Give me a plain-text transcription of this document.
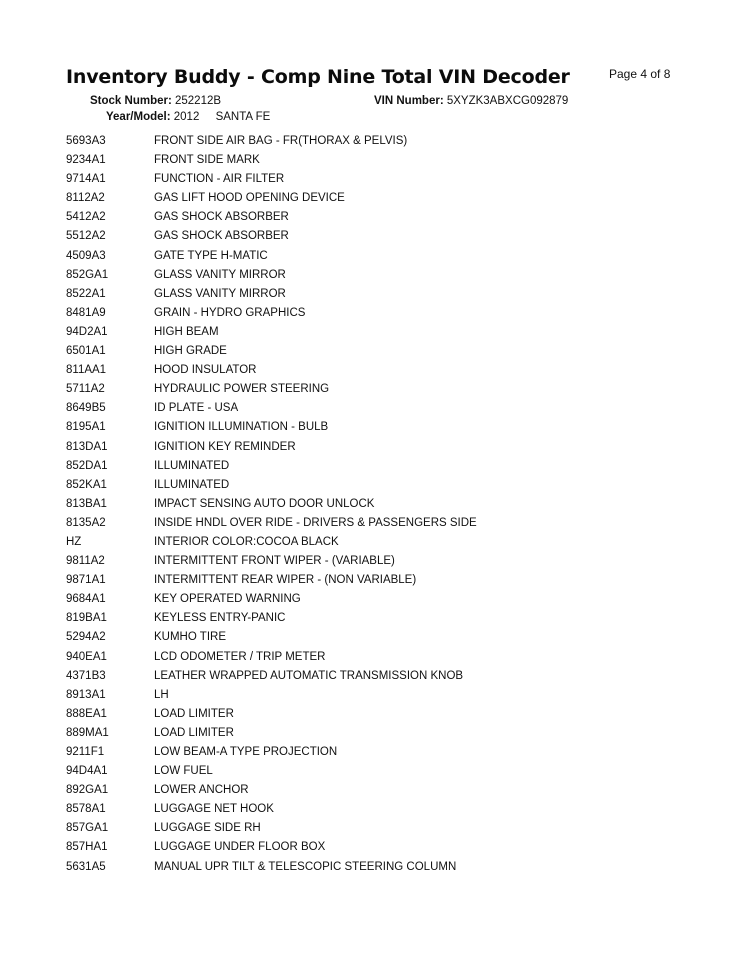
Inventory Buddy - Comp Nine Total VIN Decoder	Page 4 of 8
Stock Number: 252212B	VIN Number: 5XYZK3ABXCG092879
Year/Model: 2012 SANTA FE
5693A3	FRONT SIDE AIR BAG - FR(THORAX & PELVIS)
9234A1	FRONT SIDE MARK
9714A1	FUNCTION - AIR FILTER
8112A2	GAS LIFT HOOD OPENING DEVICE
5412A2	GAS SHOCK ABSORBER
5512A2	GAS SHOCK ABSORBER
4509A3	GATE TYPE H-MATIC
852GA1	GLASS VANITY MIRROR
8522A1	GLASS VANITY MIRROR
8481A9	GRAIN - HYDRO GRAPHICS
94D2A1	HIGH BEAM
6501A1	HIGH GRADE
811AA1	HOOD INSULATOR
5711A2	HYDRAULIC POWER STEERING
8649B5	ID PLATE - USA
8195A1	IGNITION ILLUMINATION - BULB
813DA1	IGNITION KEY REMINDER
852DA1	ILLUMINATED
852KA1	ILLUMINATED
813BA1	IMPACT SENSING AUTO DOOR UNLOCK
8135A2	INSIDE HNDL OVER RIDE - DRIVERS & PASSENGERS SIDE
HZ	INTERIOR COLOR:COCOA BLACK
9811A2	INTERMITTENT FRONT WIPER - (VARIABLE)
9871A1	INTERMITTENT REAR WIPER - (NON VARIABLE)
9684A1	KEY OPERATED WARNING
819BA1	KEYLESS ENTRY-PANIC
5294A2	KUMHO TIRE
940EA1	LCD ODOMETER / TRIP METER
4371B3	LEATHER WRAPPED AUTOMATIC TRANSMISSION KNOB
8913A1	LH
888EA1	LOAD LIMITER
889MA1	LOAD LIMITER
9211F1	LOW BEAM-A TYPE PROJECTION
94D4A1	LOW FUEL
892GA1	LOWER ANCHOR
8578A1	LUGGAGE NET HOOK
857GA1	LUGGAGE SIDE RH
857HA1	LUGGAGE UNDER FLOOR BOX
5631A5	MANUAL UPR TILT & TELESCOPIC STEERING COLUMN
